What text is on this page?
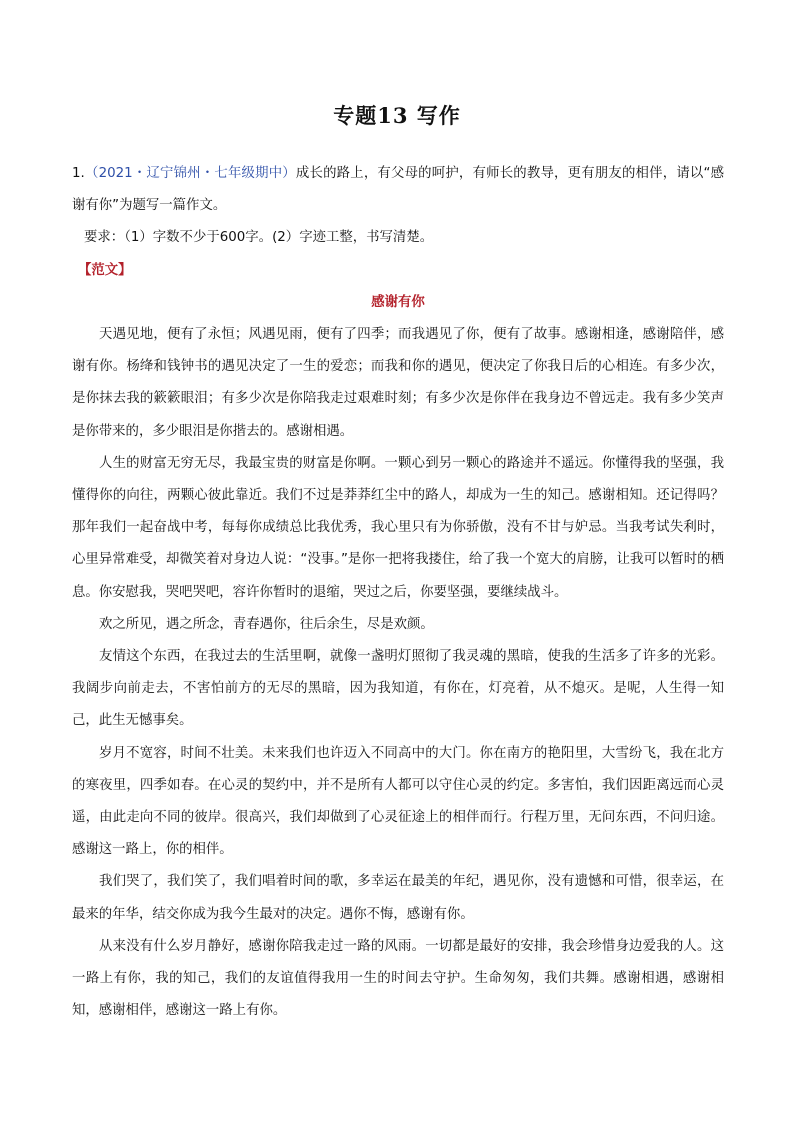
专题13 写作

1.（2021・辽宁锦州・七年级期中）成长的路上，有父母的呵护，有师长的教导，更有朋友的相伴，请以“感谢有你”为题写一篇作文。

要求：（1）字数不少于600字。(2）字迹工整，书写清楚。

【范文】

感谢有你

天遇见地，便有了永恒；风遇见雨，便有了四季；而我遇见了你，便有了故事。感谢相逢，感谢陪伴，感谢有你。杨绛和钱钟书的遇见决定了一生的爱恋；而我和你的遇见，便决定了你我日后的心相连。有多少次，是你抹去我的簌簌眼泪；有多少次是你陪我走过艰难时刻；有多少次是你伴在我身边不曾远走。我有多少笑声是你带来的，多少眼泪是你揩去的。感谢相遇。

人生的财富无穷无尽，我最宝贵的财富是你啊。一颗心到另一颗心的路途并不遥远。你懂得我的坚强，我懂得你的向往，两颗心彼此靠近。我们不过是莽莽红尘中的路人，却成为一生的知己。感谢相知。还记得吗？那年我们一起奋战中考，每每你成绩总比我优秀，我心里只有为你骄傲，没有不甘与妒忌。当我考试失利时，心里异常难受，却微笑着对身边人说：“没事。”是你一把将我搂住，给了我一个宽大的肩膀，让我可以暂时的栖息。你安慰我，哭吧哭吧，容许你暂时的退缩，哭过之后，你要坚强，要继续战斗。

欢之所见，遇之所念，青春遇你，往后余生，尽是欢颜。

友情这个东西，在我过去的生活里啊，就像一盏明灯照彻了我灵魂的黑暗，使我的生活多了许多的光彩。我阔步向前走去，不害怕前方的无尽的黑暗，因为我知道，有你在，灯亮着，从不熄灭。是呢，人生得一知己，此生无憾事矣。

岁月不宽容，时间不壮美。未来我们也许迈入不同高中的大门。你在南方的艳阳里，大雪纷飞，我在北方的寒夜里，四季如春。在心灵的契约中，并不是所有人都可以守住心灵的约定。多害怕，我们因距离远而心灵遥，由此走向不同的彼岸。很高兴，我们却做到了心灵征途上的相伴而行。行程万里，无问东西，不问归途。感谢这一路上，你的相伴。

我们哭了，我们笑了，我们唱着时间的歌，多幸运在最美的年纪，遇见你，没有遗憾和可惜，很幸运，在最来的年华，结交你成为我今生最对的决定。遇你不悔，感谢有你。

从来没有什么岁月静好，感谢你陪我走过一路的风雨。一切都是最好的安排，我会珍惜身边爱我的人。这一路上有你，我的知己，我们的友谊值得我用一生的时间去守护。生命匆匆，我们共舞。感谢相遇，感谢相知，感谢相伴，感谢这一路上有你。
